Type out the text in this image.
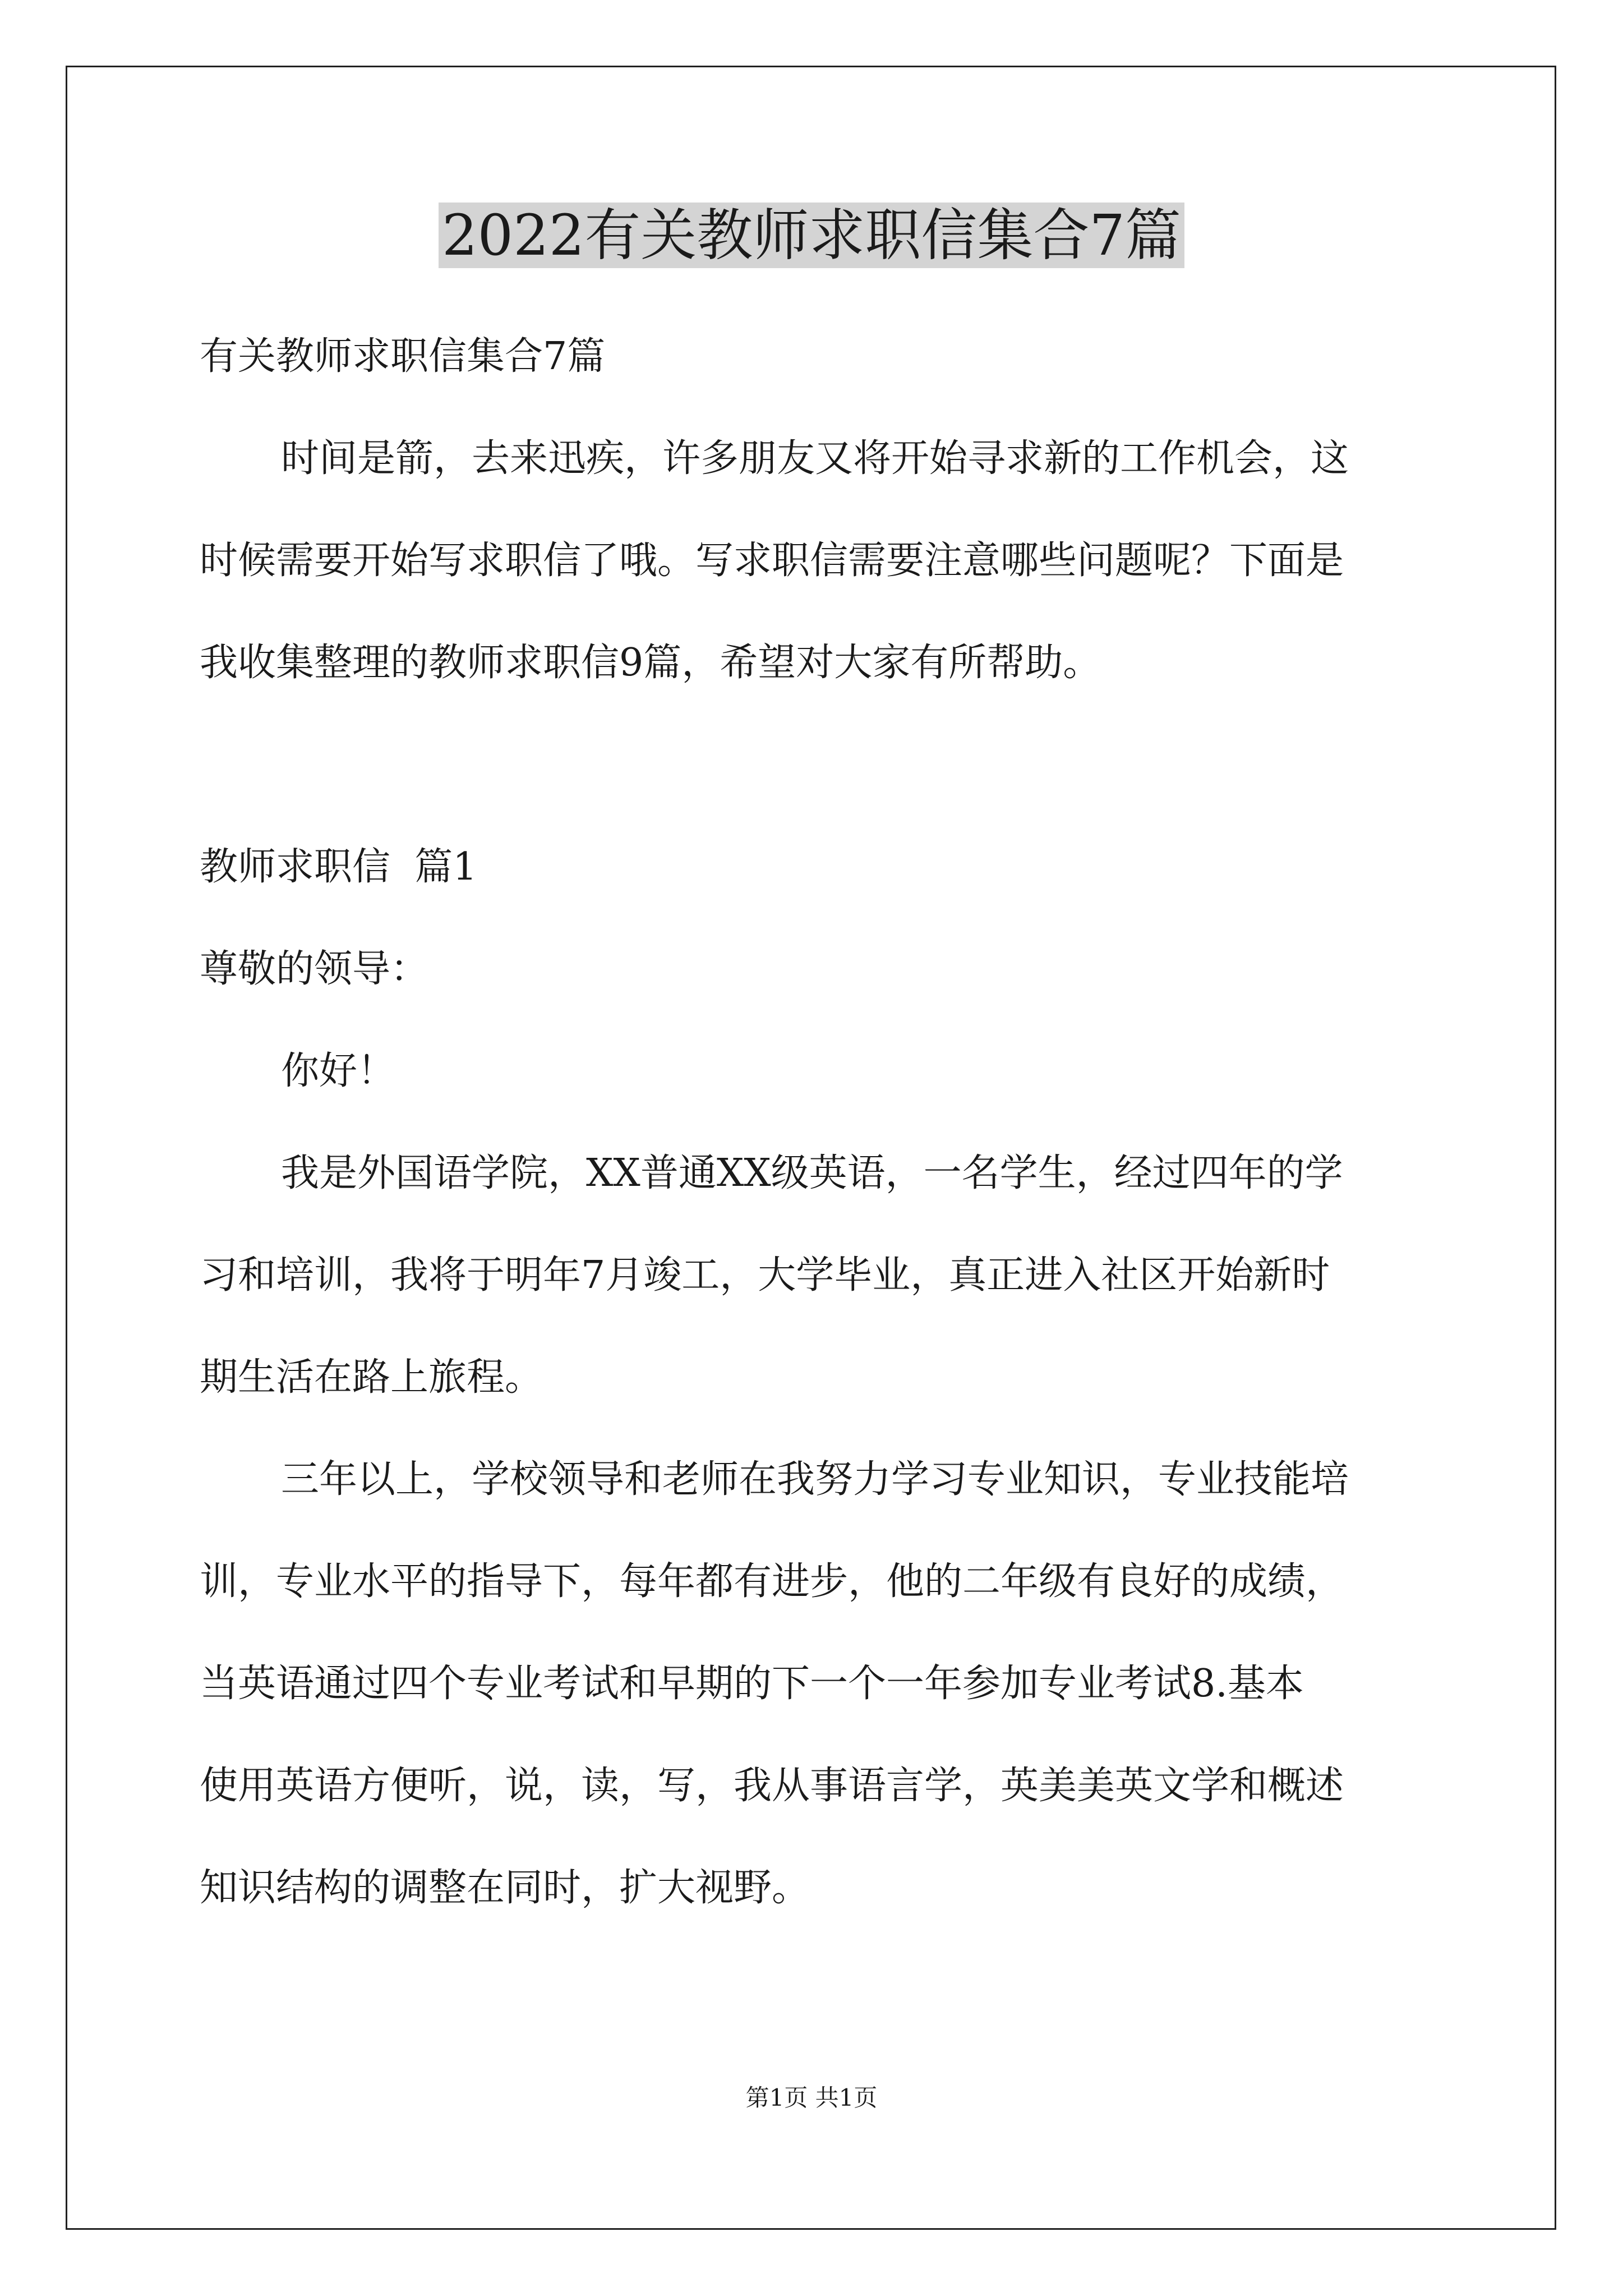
2022有关教师求职信集合7篇
有关教师求职信集合7篇
时间是箭，去来迅疾，许多朋友又将开始寻求新的工作机会，这
时候需要开始写求职信了哦。写求职信需要注意哪些问题呢？下面是
我收集整理的教师求职信9篇，希望对大家有所帮助。
教师求职信  篇1
尊敬的领导：
你好！
我是外国语学院，XX普通XX级英语，一名学生，经过四年的学
习和培训，我将于明年7月竣工，大学毕业，真正进入社区开始新时
期生活在路上旅程。
三年以上，学校领导和老师在我努力学习专业知识，专业技能培
训，专业水平的指导下，每年都有进步，他的二年级有良好的成绩，
当英语通过四个专业考试和早期的下一个一年参加专业考试8.基本
使用英语方便听，说，读，写，我从事语言学，英美美英文学和概述
知识结构的调整在同时，扩大视野。
第1页 共1页
